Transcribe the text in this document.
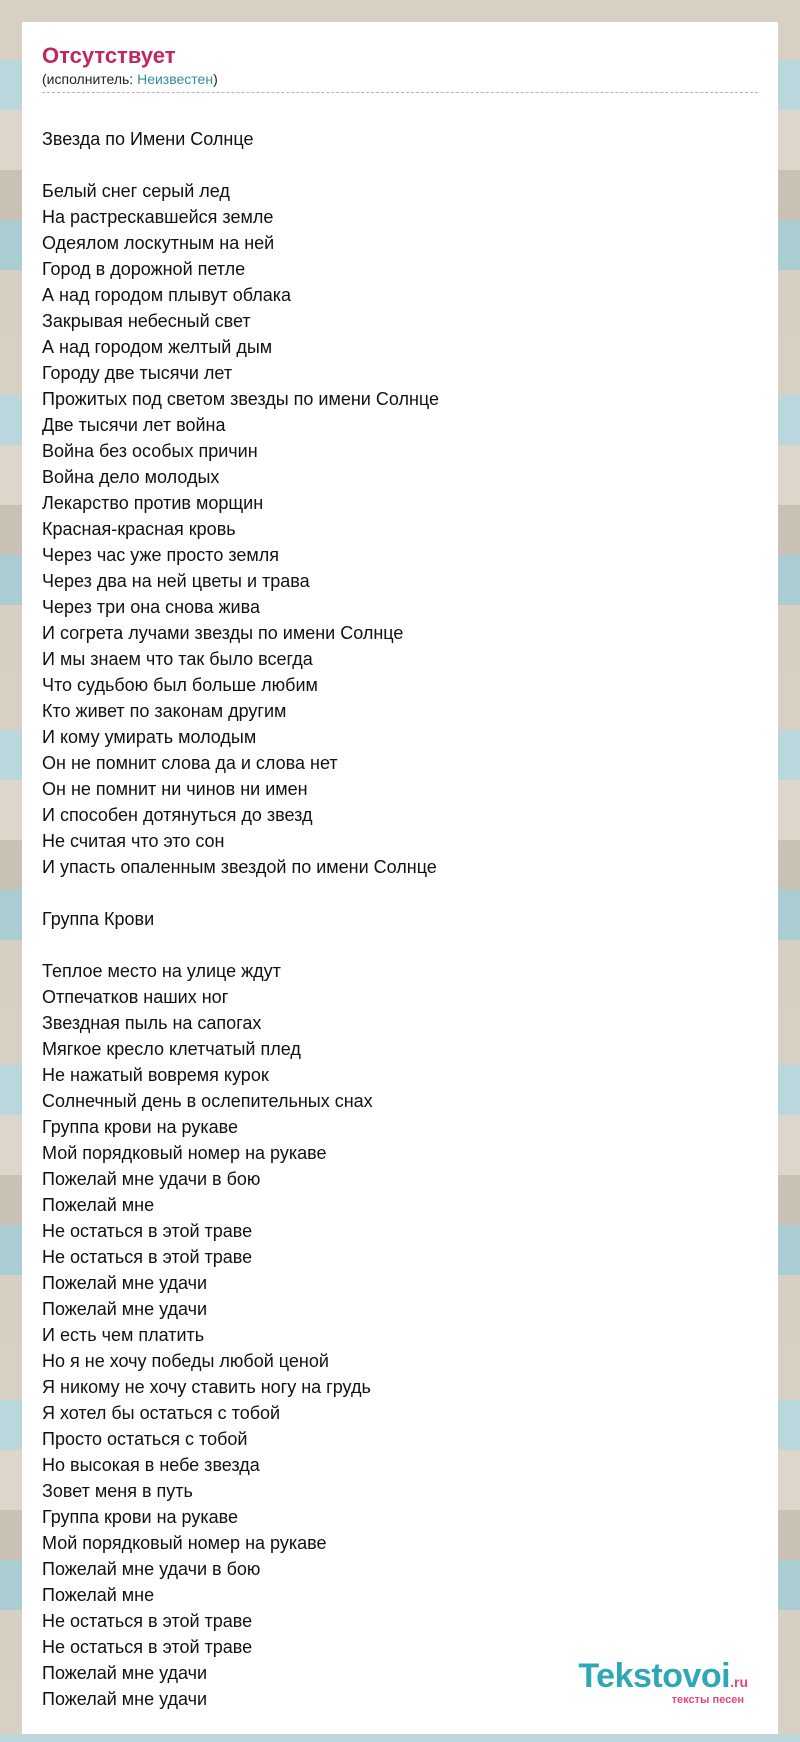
Отсутствует
(исполнитель: Неизвестен)
Звезда по Имени Солнце
Белый снег серый лед
На растрескавшейся земле
Одеялом лоскутным на ней
Город в дорожной петле
А над городом плывут облака
Закрывая небесный свет
А над городом желтый дым
Городу две тысячи лет
Прожитых под светом звезды по имени Солнце
Две тысячи лет война
Война без особых причин
Война дело молодых
Лекарство против морщин
Красная-красная кровь
Через час уже просто земля
Через два на ней цветы и трава
Через три она снова жива
И согрета лучами звезды по имени Солнце
И мы знаем что так было всегда
Что судьбою был больше любим
Кто живет по законам другим
И кому умирать молодым
Он не помнит слова да и слова нет
Он не помнит ни чинов ни имен
И способен дотянуться до звезд
Не считая что это сон
И упасть опаленным звездой по имени Солнце
Группа Крови
Теплое место на улице ждут
Отпечатков наших ног
Звездная пыль на сапогах
Мягкое кресло клетчатый плед
Не нажатый вовремя курок
Солнечный день в ослепительных снах
Группа крови на рукаве
Мой порядковый номер на рукаве
Пожелай мне удачи в бою
Пожелай мне
Не остаться в этой траве
Не остаться в этой траве
Пожелай мне удачи
Пожелай мне удачи
И есть чем платить
Но я не хочу победы любой ценой
Я никому не хочу ставить ногу на грудь
Я хотел бы остаться с тобой
Просто остаться с тобой
Но высокая в небе звезда
Зовет меня в путь
Группа крови на рукаве
Мой порядковый номер на рукаве
Пожелай мне удачи в бою
Пожелай мне
Не остаться в этой траве
Не остаться в этой траве
Пожелай мне удачи
Пожелай мне удачи
Tekstovoi.ru
тексты песен
